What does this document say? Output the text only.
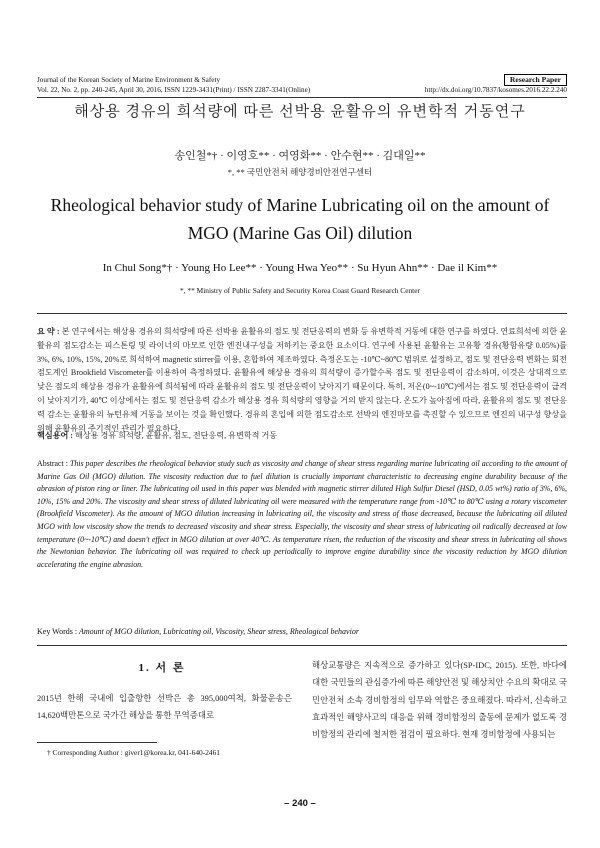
Journal of the Korean Society of Marine Environment & Safety	Research Paper
Vol. 22, No. 2, pp. 240-245, April 30, 2016, ISSN 1229-3431(Print) / ISSN 2287-3341(Online)	http://dx.doi.org/10.7837/kosomes.2016.22.2.240
해상용 경유의 희석량에 따른 선박용 윤활유의 유변학적 거동연구
송인철*† · 이영호** · 여영화** · 안수현** · 김대일**
*, ** 국민안전처 해양경비안전연구센터
Rheological behavior study of Marine Lubricating oil on the amount of MGO (Marine Gas Oil) dilution
In Chul Song*† · Young Ho Lee** · Young Hwa Yeo** · Su Hyun Ahn** · Dae il Kim**
*, ** Ministry of Public Safety and Security Korea Coast Guard Research Center
요 약 : 본 연구에서는 해상용 경유의 희석량에 따른 선박용 윤활유의 점도 및 전단응력의 변화 등 유변학적 거동에 대한 연구를 하였다. 연료희석에 의한 윤활유의 점도감소는 피스톤링 및 라이너의 마모로 인한 엔진내구성을 저하키는 중요한 요소이다. 연구에 사용된 윤활유는 고유황 경유(황함유량 0.05%)를 3%, 6%, 10%, 15%, 20%로 희석하여 magnetic stirrer를 이용, 혼합하여 제조하였다. 측정온도는 -10℃~80℃ 범위로 설정하고, 점도 및 전단응력 변화는 회전점도계인 Brookfield Viscometer를 이용하여 측정하였다. 윤활유에 해상용 경유의 희석량이 증가할수록 점도 및 전단응력이 감소하며, 이것은 상대적으로 낮은 점도의 해상용 경유가 윤활유에 희석됨에 따라 윤활유의 점도 및 전단응력이 낮아지기 때문이다. 특히, 저온(0~-10℃)에서는 점도 및 전단응력이 급격이 낮아지기가, 40℃ 이상에서는 점도 및 전단응력 감소가 해상용 경유 희석량의 영향을 거의 받지 않는다. 온도가 높아짐에 따라, 윤활유의 점도 및 전단응력 감소는 윤활유의 뉴턴유체 거동을 보이는 것을 확인했다. 경유의 혼입에 의한 점도감소로 선박의 엔진마모를 촉진할 수 있으므로 엔진의 내구성 향상을 위해 윤활유의 주기적인 관리가 필요하다.
핵심용어 : 해상용 경유 희석량, 윤활유, 점도, 전단응력, 유변학적 거동
Abstract : This paper describes the rheological behavior study such as viscosity and change of shear stress regarding marine lubricating oil according to the amount of Marine Gas Oil (MGO) dilution. The viscosity reduction due to fuel dilution is crucially important characteristic to decreasing engine durability because of the abrasion of piston ring or liner. The lubricating oil used in this paper was blended with magnetic stirrer diluted High Sulfur Diesel (HSD, 0.05 wt%) ratio of 3%, 6%, 10%, 15% and 20%. The viscosity and shear stress of diluted lubricating oil were measured with the temperature range from -10℃ to 80℃ using a rotary viscometer (Brookfield Viscometer). As the amount of MGO dilution increasing in lubricating oil, the viscosity and stress of those decreased, because the lubricating oil diluted MGO with low viscosity show the trends to decreased viscosity and shear stress. Especially, the viscosity and shear stress of lubricating oil radically decreased at low temperature (0~-10℃) and doesn't effect in MGO dilution at over 40℃. As temperature risen, the reduction of the viscosity and shear stress in lubricating oil shows the Newtonian behavior. The lubricating oil was required to check up periodically to improve engine durability since the viscosity reduction by MGO dilution accelerating the engine abrasion.
Key Words : Amount of MGO dilution, Lubricating oil, Viscosity, Shear stress, Rheological behavior
1. 서 론
2015년 한해 국내에 입출항한 선박은 총 395,000여척, 화물운송은 14,620백만톤으로 국가간 해상을 통한 무역증대로
해상교통량은 지속적으로 증가하고 있다(SP-IDC, 2015). 또한, 바다에 대한 국민들의 관심증가에 따른 해양안전 및 해상치안 수요의 확대로 국민안전처 소속 경비함정의 임무와 역할은 중요해졌다. 따라서, 신속하고 효과적인 해양사고의 대응을 위해 경비함정의 출동에 문제가 없도록 경비함정의 관리에 철저한 점검이 필요하다. 현재 경비함정에 사용되는
† Corresponding Author : giver1@korea.kr, 041-640-2461
– 240 –
